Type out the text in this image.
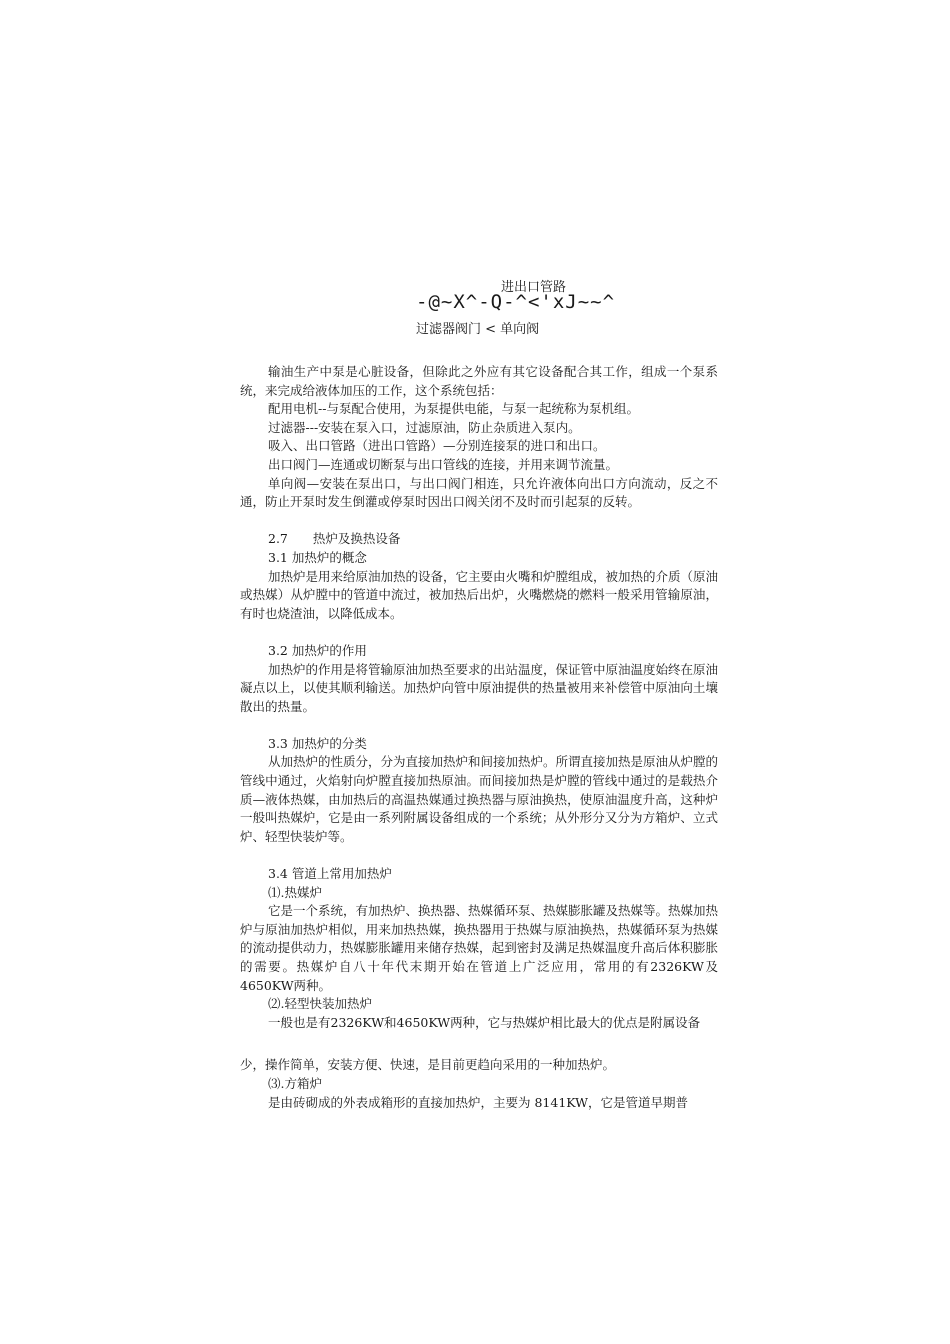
进出口管路
-@~X^-Q-^<'xJ~~^
过滤器阀门 < 单向阀

输油生产中泵是心脏设备，但除此之外应有其它设备配合其工作，组成一个泵系统，来完成给液体加压的工作，这个系统包括：

配用电机--与泵配合使用，为泵提供电能，与泵一起统称为泵机组。

过滤器---安装在泵入口，过滤原油，防止杂质进入泵内。

吸入、出口管路（进出口管路）—分别连接泵的进口和出口。

出口阀门—连通或切断泵与出口管线的连接，并用来调节流量。

单向阀—安装在泵出口，与出口阀门相连，只允许液体向出口方向流动，反之不通，防止开泵时发生倒灌或停泵时因出口阀关闭不及时而引起泵的反转。

2.7　　热炉及换热设备

3.1 加热炉的概念

加热炉是用来给原油加热的设备，它主要由火嘴和炉膛组成，被加热的介质（原油或热媒）从炉膛中的管道中流过，被加热后出炉，火嘴燃烧的燃料一般采用管输原油，有时也烧渣油，以降低成本。

3.2 加热炉的作用

加热炉的作用是将管输原油加热至要求的出站温度，保证管中原油温度始终在原油凝点以上，以使其顺利输送。加热炉向管中原油提供的热量被用来补偿管中原油向土壤散出的热量。

3.3 加热炉的分类

从加热炉的性质分，分为直接加热炉和间接加热炉。所谓直接加热是原油从炉膛的管线中通过，火焰射向炉膛直接加热原油。而间接加热是炉膛的管线中通过的是载热介质—液体热媒，由加热后的高温热媒通过换热器与原油换热，使原油温度升高，这种炉一般叫热媒炉，它是由一系列附属设备组成的一个系统；从外形分又分为方箱炉、立式炉、轻型快装炉等。

3.4 管道上常用加热炉

⑴.热媒炉

它是一个系统，有加热炉、换热器、热媒循环泵、热媒膨胀罐及热媒等。热媒加热炉与原油加热炉相似，用来加热热媒，换热器用于热媒与原油换热，热媒循环泵为热媒的流动提供动力，热媒膨胀罐用来储存热媒，起到密封及满足热媒温度升高后体积膨胀的需要。热媒炉自八十年代末期开始在管道上广泛应用，常用的有2326KW及4650KW两种。

⑵.轻型快装加热炉

一般也是有2326KW和4650KW两种，它与热媒炉相比最大的优点是附属设备

少，操作简单，安装方便、快速，是目前更趋向采用的一种加热炉。

⑶.方箱炉

是由砖砌成的外表成箱形的直接加热炉，主要为 8141KW，它是管道早期普
